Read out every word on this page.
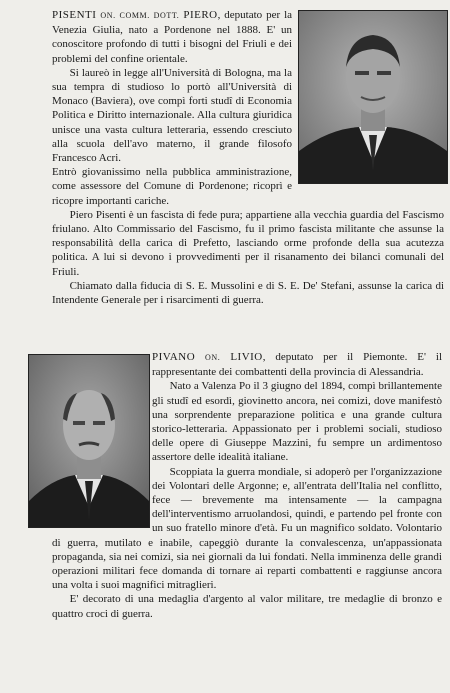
PISENTI ON. COMM. DOTT. PIERO, deputato per la Venezia Giulia, nato a Pordenone nel 1888. E' un conoscitore profondo di tutti i bisogni del Friuli e dei problemi del confine orientale.

Si laureò in legge all'Università di Bologna, ma la sua tempra di studioso lo portò all'Università di Monaco (Baviera), ove compì forti studî di Economia Politica e Diritto internazionale. Alla cultura giuridica unisce una vasta cultura letteraria, essendo cresciuto alla scuola dell'avo materno, il grande filosofo Francesco Acri.

Entrò giovanissimo nella pubblica amministrazione, come assessore del Comune di Pordenone; ricoprì e ricopre importanti cariche.

Piero Pisenti è un fascista di fede pura; appartiene alla vecchia guardia del Fascismo friulano. Alto Commissario del Fascismo, fu il primo fascista militante che assunse la responsabilità della carica di Prefetto, lasciando orme profonde della sua acutezza politica. A lui si devono i provvedimenti per il risanamento dei bilanci comunali del Friuli.

Chiamato dalla fiducia di S. E. Mussolini e di S. E. De' Stefani, assunse la carica di Intendente Generale per i risarcimenti di guerra.

PIVANO ON. LIVIO, deputato per il Piemonte. E' il rappresentante dei combattenti della provincia di Alessandria.

Nato a Valenza Po il 3 giugno del 1894, compì brillantemente gli studî ed esordì, giovinetto ancora, nei comizi, dove manifestò una sorprendente preparazione politica e una grande cultura storico-letteraria. Appassionato per i problemi sociali, studioso delle opere di Giuseppe Mazzini, fu sempre un ardimentoso assertore delle idealità italiane.

Scoppiata la guerra mondiale, si adoperò per l'organizzazione dei Volontari delle Argonne; e, all'entrata dell'Italia nel conflitto, fece — brevemente ma intensamente — la campagna dell'interventismo arruolandosi, quindi, e partendo pel fronte con un suo fratello minore d'età. Fu un magnifico soldato. Volontario di guerra, mutilato e inabile, capeggiò durante la convalescenza, un'appassionata propaganda, sia nei comizi, sia nei giornali da lui fondati. Nella imminenza delle grandi operazioni militari fece domanda di tornare ai reparti combattenti e raggiunse ancora una volta i suoi magnifici mitraglieri.

E' decorato di una medaglia d'argento al valor militare, tre medaglie di bronzo e quattro croci di guerra.
